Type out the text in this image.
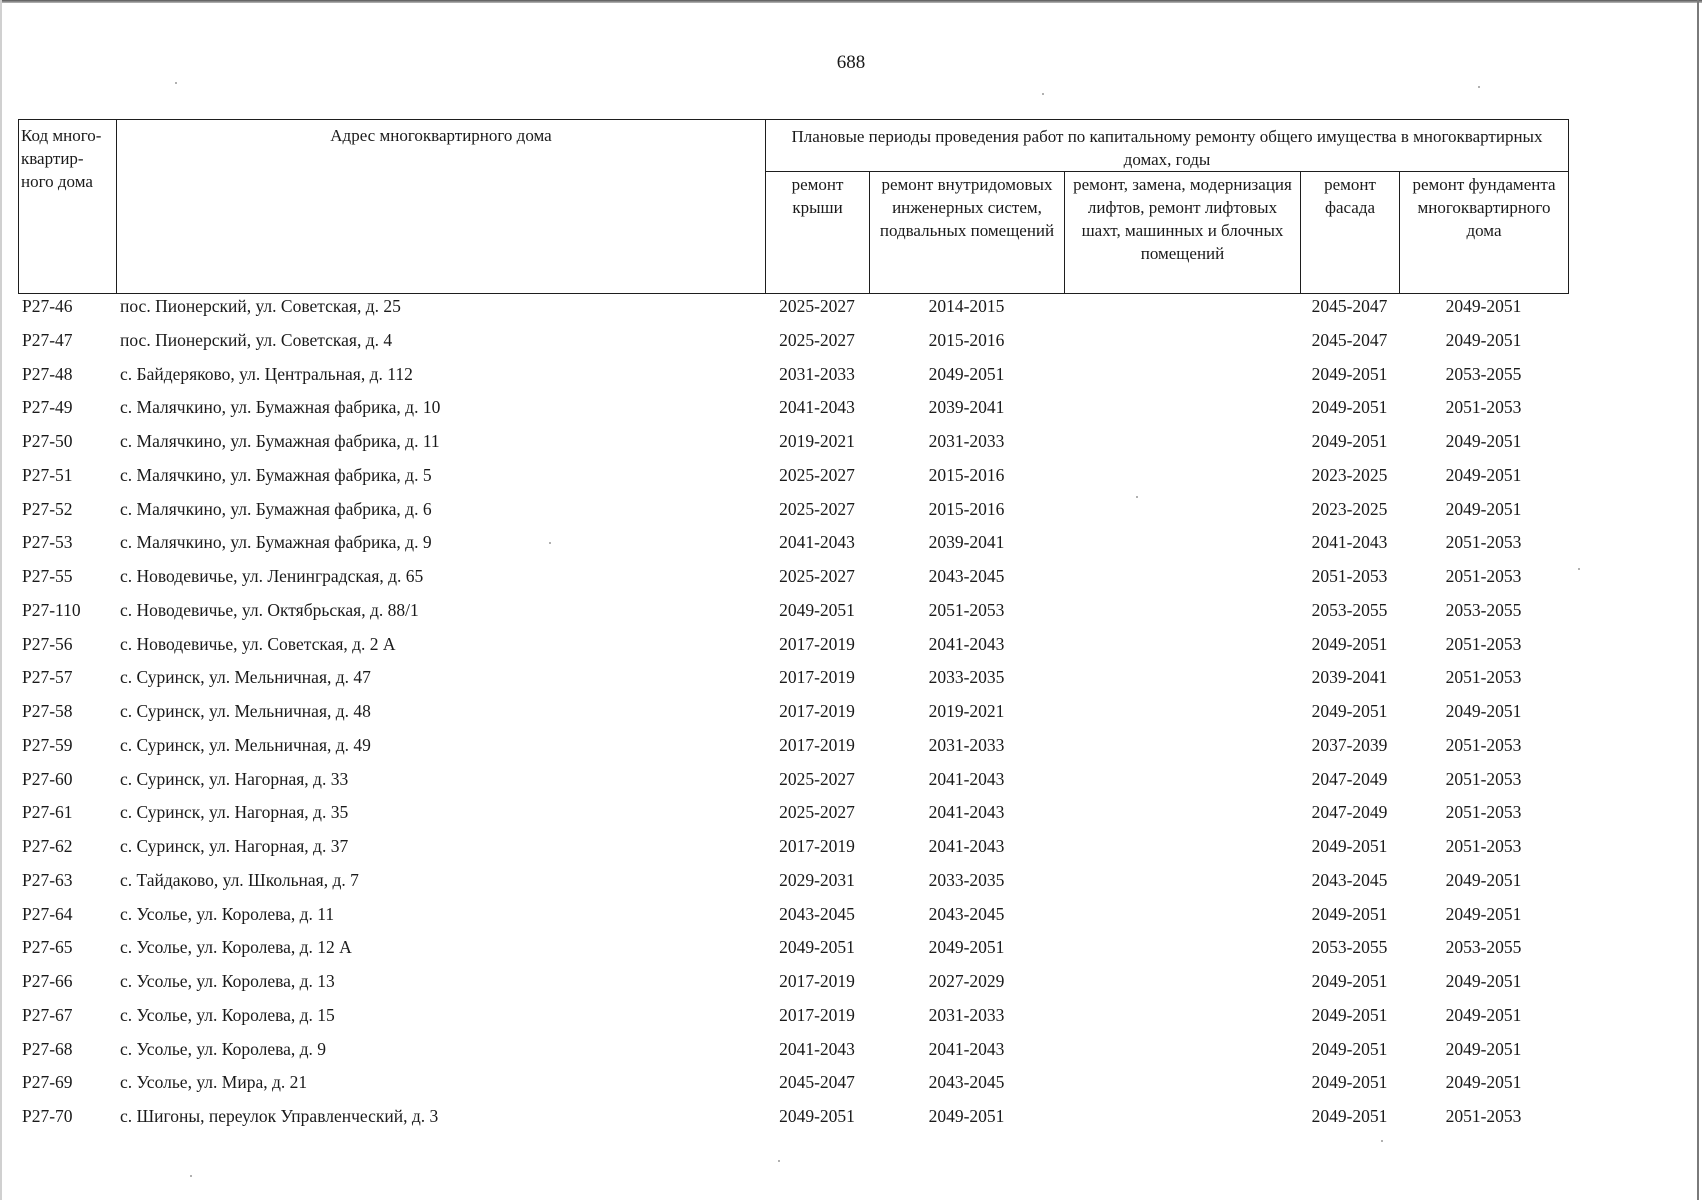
688
Код много-квартир-ного дома	Адрес многоквартирного дома	Плановые периоды проведения работ по капитальному ремонту общего имущества в многоквартирных домах, годы				
		ремонт крыши	ремонт внутридомовых инженерных систем, подвальных помещений	ремонт, замена, модернизация лифтов, ремонт лифтовых шахт, машинных и блочных помещений	ремонт фасада	ремонт фундамента многоквартирного дома
Р27-46	пос. Пионерский, ул. Советская, д. 25	2025-2027	2014-2015		2045-2047	2049-2051
Р27-47	пос. Пионерский, ул. Советская, д. 4	2025-2027	2015-2016		2045-2047	2049-2051
Р27-48	с. Байдеряково, ул. Центральная, д. 112	2031-2033	2049-2051		2049-2051	2053-2055
Р27-49	с. Малячкино, ул. Бумажная фабрика, д. 10	2041-2043	2039-2041		2049-2051	2051-2053
Р27-50	с. Малячкино, ул. Бумажная фабрика, д. 11	2019-2021	2031-2033		2049-2051	2049-2051
Р27-51	с. Малячкино, ул. Бумажная фабрика, д. 5	2025-2027	2015-2016		2023-2025	2049-2051
Р27-52	с. Малячкино, ул. Бумажная фабрика, д. 6	2025-2027	2015-2016		2023-2025	2049-2051
Р27-53	с. Малячкино, ул. Бумажная фабрика, д. 9	2041-2043	2039-2041		2041-2043	2051-2053
Р27-55	с. Новодевичье, ул. Ленинградская, д. 65	2025-2027	2043-2045		2051-2053	2051-2053
Р27-110	с. Новодевичье, ул. Октябрьская, д. 88/1	2049-2051	2051-2053		2053-2055	2053-2055
Р27-56	с. Новодевичье, ул. Советская, д. 2 А	2017-2019	2041-2043		2049-2051	2051-2053
Р27-57	с. Суринск, ул. Мельничная, д. 47	2017-2019	2033-2035		2039-2041	2051-2053
Р27-58	с. Суринск, ул. Мельничная, д. 48	2017-2019	2019-2021		2049-2051	2049-2051
Р27-59	с. Суринск, ул. Мельничная, д. 49	2017-2019	2031-2033		2037-2039	2051-2053
Р27-60	с. Суринск, ул. Нагорная, д. 33	2025-2027	2041-2043		2047-2049	2051-2053
Р27-61	с. Суринск, ул. Нагорная, д. 35	2025-2027	2041-2043		2047-2049	2051-2053
Р27-62	с. Суринск, ул. Нагорная, д. 37	2017-2019	2041-2043		2049-2051	2051-2053
Р27-63	с. Тайдаково, ул. Школьная, д. 7	2029-2031	2033-2035		2043-2045	2049-2051
Р27-64	с. Усолье, ул. Королева, д. 11	2043-2045	2043-2045		2049-2051	2049-2051
Р27-65	с. Усолье, ул. Королева, д. 12 А	2049-2051	2049-2051		2053-2055	2053-2055
Р27-66	с. Усолье, ул. Королева, д. 13	2017-2019	2027-2029		2049-2051	2049-2051
Р27-67	с. Усолье, ул. Королева, д. 15	2017-2019	2031-2033		2049-2051	2049-2051
Р27-68	с. Усолье, ул. Королева, д. 9	2041-2043	2041-2043		2049-2051	2049-2051
Р27-69	с. Усолье, ул. Мира, д. 21	2045-2047	2043-2045		2049-2051	2049-2051
Р27-70	с. Шигоны, переулок Управленческий, д. 3	2049-2051	2049-2051		2049-2051	2051-2053
